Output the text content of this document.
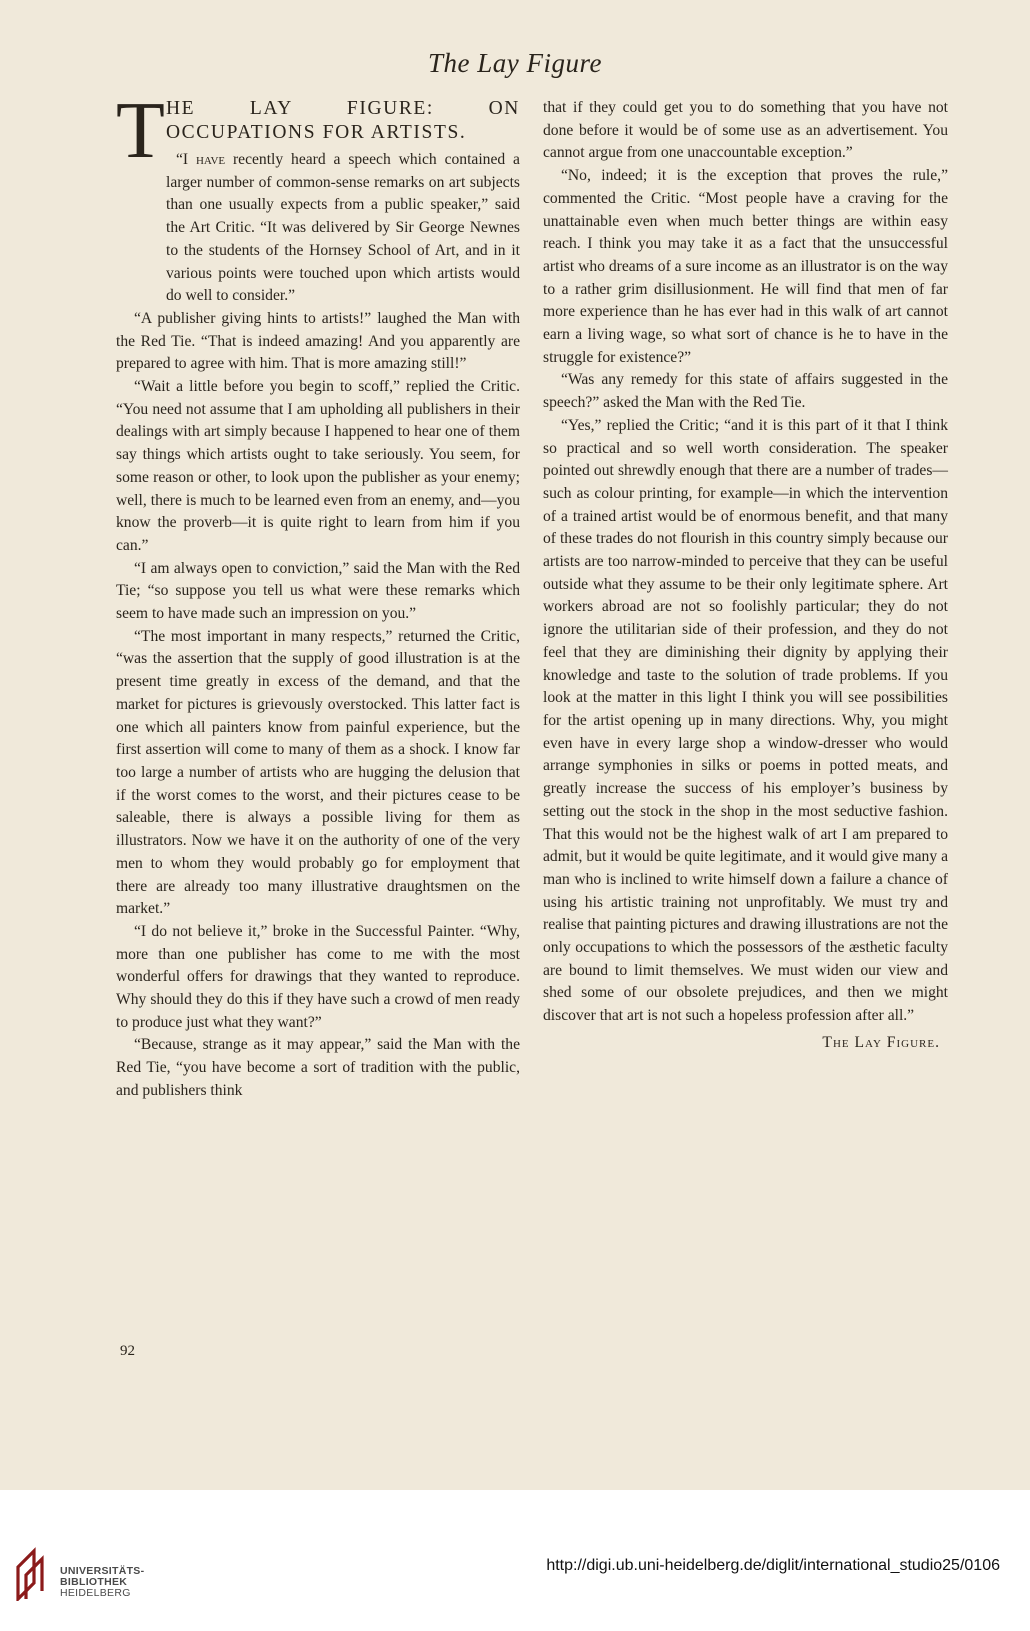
The Lay Figure
T HE LAY FIGURE: ON OCCUPATIONS FOR ARTISTS.

“I have recently heard a speech which contained a larger number of common-sense remarks on art subjects than one usually expects from a public speaker,” said the Art Critic. “It was delivered by Sir George Newnes to the students of the Hornsey School of Art, and in it various points were touched upon which artists would do well to consider.”

“A publisher giving hints to artists!” laughed the Man with the Red Tie. “That is indeed amazing! And you apparently are prepared to agree with him. That is more amazing still!”

“Wait a little before you begin to scoff,” replied the Critic. “You need not assume that I am upholding all publishers in their dealings with art simply because I happened to hear one of them say things which artists ought to take seriously. You seem, for some reason or other, to look upon the publisher as your enemy; well, there is much to be learned even from an enemy, and—you know the proverb—it is quite right to learn from him if you can.”

“I am always open to conviction,” said the Man with the Red Tie; “so suppose you tell us what were these remarks which seem to have made such an impression on you.”

“The most important in many respects,” returned the Critic, “was the assertion that the supply of good illustration is at the present time greatly in excess of the demand, and that the market for pictures is grievously overstocked. This latter fact is one which all painters know from painful experience, but the first assertion will come to many of them as a shock. I know far too large a number of artists who are hugging the delusion that if the worst comes to the worst, and their pictures cease to be saleable, there is always a possible living for them as illustrators. Now we have it on the authority of one of the very men to whom they would probably go for employment that there are already too many illustrative draughtsmen on the market.”

“I do not believe it,” broke in the Successful Painter. “Why, more than one publisher has come to me with the most wonderful offers for drawings that they wanted to reproduce. Why should they do this if they have such a crowd of men ready to produce just what they want?”

“Because, strange as it may appear,” said the Man with the Red Tie, “you have become a sort of tradition with the public, and publishers think

that if they could get you to do something that you have not done before it would be of some use as an advertisement. You cannot argue from one unaccountable exception.”

“No, indeed; it is the exception that proves the rule,” commented the Critic. “Most people have a craving for the unattainable even when much better things are within easy reach. I think you may take it as a fact that the unsuccessful artist who dreams of a sure income as an illustrator is on the way to a rather grim disillusionment. He will find that men of far more experience than he has ever had in this walk of art cannot earn a living wage, so what sort of chance is he to have in the struggle for existence?”

“Was any remedy for this state of affairs suggested in the speech?” asked the Man with the Red Tie.

“Yes,” replied the Critic; “and it is this part of it that I think so practical and so well worth consideration. The speaker pointed out shrewdly enough that there are a number of trades—such as colour printing, for example—in which the intervention of a trained artist would be of enormous benefit, and that many of these trades do not flourish in this country simply because our artists are too narrow-minded to perceive that they can be useful outside what they assume to be their only legitimate sphere. Art workers abroad are not so foolishly particular; they do not ignore the utilitarian side of their profession, and they do not feel that they are diminishing their dignity by applying their knowledge and taste to the solution of trade problems. If you look at the matter in this light I think you will see possibilities for the artist opening up in many directions. Why, you might even have in every large shop a window-dresser who would arrange symphonies in silks or poems in potted meats, and greatly increase the success of his employer’s business by setting out the stock in the shop in the most seductive fashion. That this would not be the highest walk of art I am prepared to admit, but it would be quite legitimate, and it would give many a man who is inclined to write himself down a failure a chance of using his artistic training not unprofitably. We must try and realise that painting pictures and drawing illustrations are not the only occupations to which the possessors of the æsthetic faculty are bound to limit themselves. We must widen our view and shed some of our obsolete prejudices, and then we might discover that art is not such a hopeless profession after all.”

The Lay Figure.
92
UNIVERSITÄTS-
BIBLIOTHEK
HEIDELBERG
http://digi.ub.uni-heidelberg.de/diglit/international_studio25/0106
